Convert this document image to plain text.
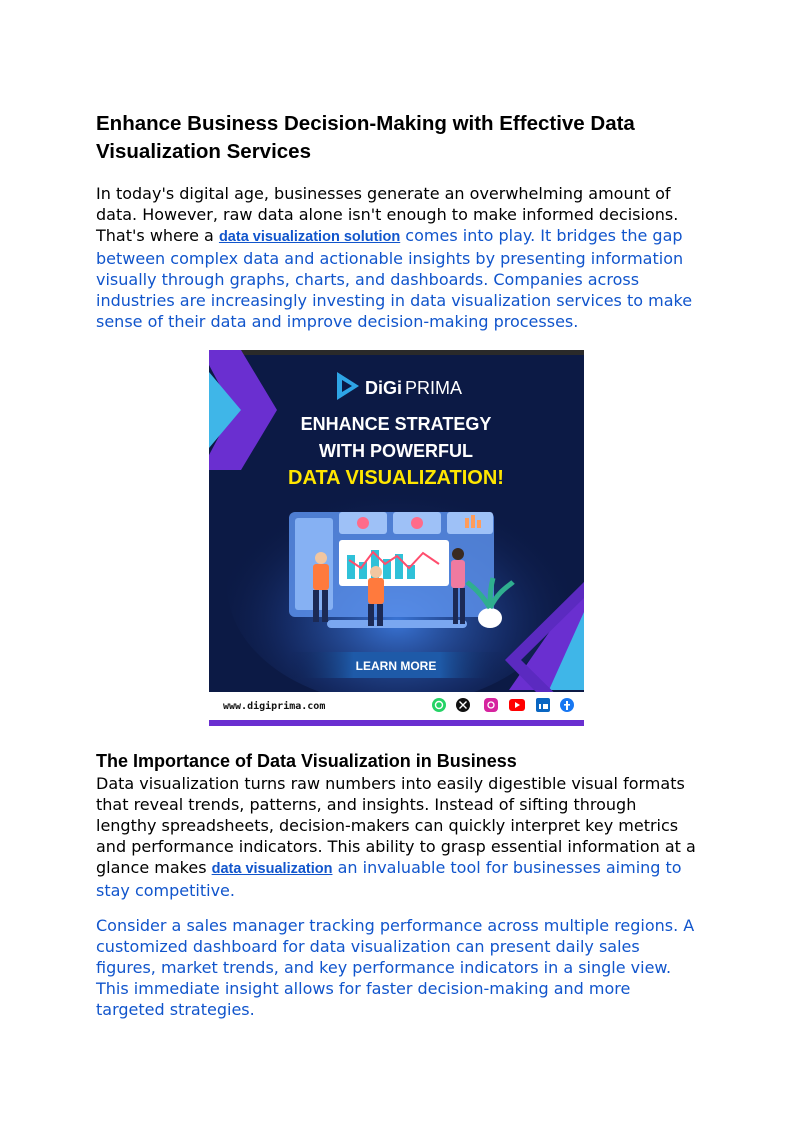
Enhance Business Decision-Making with Effective Data Visualization Services

In today's digital age, businesses generate an overwhelming amount of data. However, raw data alone isn't enough to make informed decisions. That's where a data visualization solution comes into play. It bridges the gap between complex data and actionable insights by presenting information visually through graphs, charts, and dashboards. Companies across industries are increasingly investing in data visualization services to make sense of their data and improve decision-making processes.

The Importance of Data Visualization in Business

Data visualization turns raw numbers into easily digestible visual formats that reveal trends, patterns, and insights. Instead of sifting through lengthy spreadsheets, decision-makers can quickly interpret key metrics and performance indicators. This ability to grasp essential information at a glance makes data visualization an invaluable tool for businesses aiming to stay competitive.

Consider a sales manager tracking performance across multiple regions. A customized dashboard for data visualization can present daily sales figures, market trends, and key performance indicators in a single view. This immediate insight allows for faster decision-making and more targeted strategies.

DiGi PRIMA
ENHANCE STRATEGY
WITH POWERFUL
DATA VISUALIZATION!
LEARN MORE
www.digiprima.com
